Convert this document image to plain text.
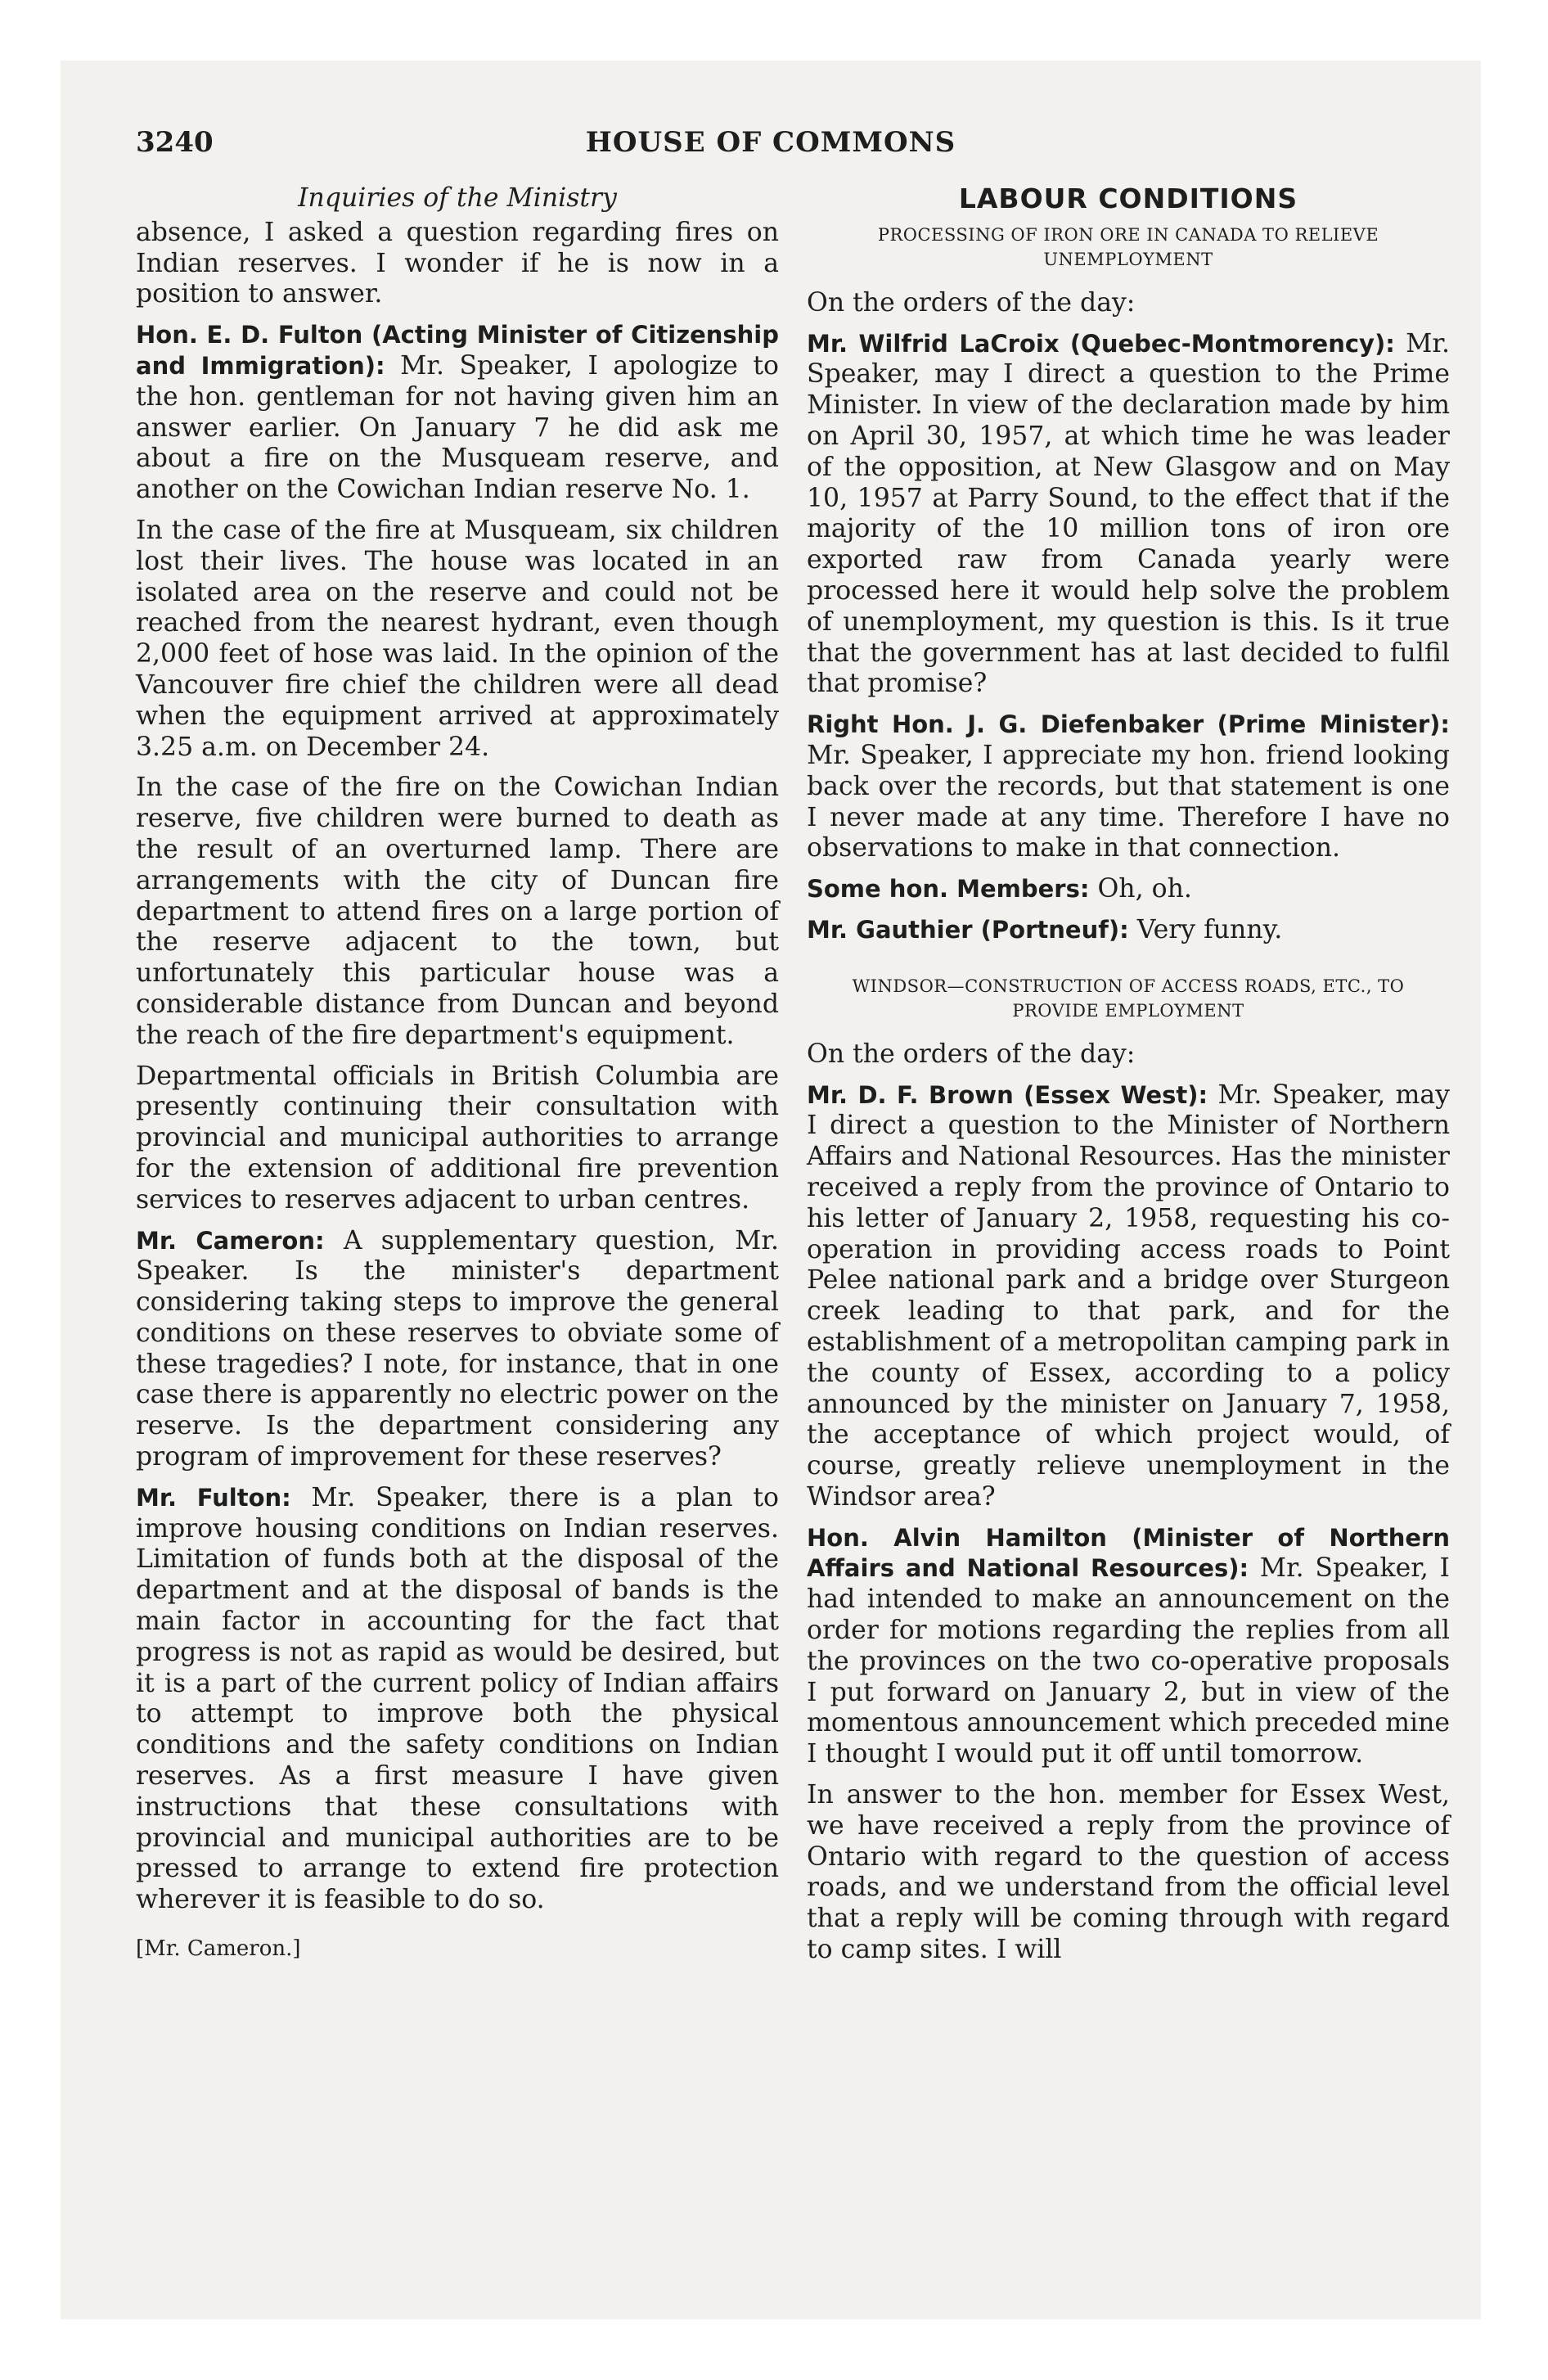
3240	HOUSE OF COMMONS
Inquiries of the Ministry

absence, I asked a question regarding fires on Indian reserves. I wonder if he is now in a position to answer.

Hon. E. D. Fulton (Acting Minister of Citizenship and Immigration): Mr. Speaker, I apologize to the hon. gentleman for not having given him an answer earlier. On January 7 he did ask me about a fire on the Musqueam reserve, and another on the Cowichan Indian reserve No. 1.

In the case of the fire at Musqueam, six children lost their lives. The house was located in an isolated area on the reserve and could not be reached from the nearest hydrant, even though 2,000 feet of hose was laid. In the opinion of the Vancouver fire chief the children were all dead when the equipment arrived at approximately 3.25 a.m. on December 24.

In the case of the fire on the Cowichan Indian reserve, five children were burned to death as the result of an overturned lamp. There are arrangements with the city of Duncan fire department to attend fires on a large portion of the reserve adjacent to the town, but unfortunately this particular house was a considerable distance from Duncan and beyond the reach of the fire department's equipment.

Departmental officials in British Columbia are presently continuing their consultation with provincial and municipal authorities to arrange for the extension of additional fire prevention services to reserves adjacent to urban centres.

Mr. Cameron: A supplementary question, Mr. Speaker. Is the minister's department considering taking steps to improve the general conditions on these reserves to obviate some of these tragedies? I note, for instance, that in one case there is apparently no electric power on the reserve. Is the department considering any program of improvement for these reserves?

Mr. Fulton: Mr. Speaker, there is a plan to improve housing conditions on Indian reserves. Limitation of funds both at the disposal of the department and at the disposal of bands is the main factor in accounting for the fact that progress is not as rapid as would be desired, but it is a part of the current policy of Indian affairs to attempt to improve both the physical conditions and the safety conditions on Indian reserves. As a first measure I have given instructions that these consultations with provincial and municipal authorities are to be pressed to arrange to extend fire protection wherever it is feasible to do so.

[Mr. Cameron.]
LABOUR CONDITIONS
PROCESSING OF IRON ORE IN CANADA TO RELIEVE UNEMPLOYMENT

On the orders of the day:

Mr. Wilfrid LaCroix (Quebec-Montmorency): Mr. Speaker, may I direct a question to the Prime Minister. In view of the declaration made by him on April 30, 1957, at which time he was leader of the opposition, at New Glasgow and on May 10, 1957 at Parry Sound, to the effect that if the majority of the 10 million tons of iron ore exported raw from Canada yearly were processed here it would help solve the problem of unemployment, my question is this. Is it true that the government has at last decided to fulfil that promise?

Right Hon. J. G. Diefenbaker (Prime Minister): Mr. Speaker, I appreciate my hon. friend looking back over the records, but that statement is one I never made at any time. Therefore I have no observations to make in that connection.

Some hon. Members: Oh, oh.

Mr. Gauthier (Portneuf): Very funny.

WINDSOR—CONSTRUCTION OF ACCESS ROADS, ETC., TO PROVIDE EMPLOYMENT

On the orders of the day:

Mr. D. F. Brown (Essex West): Mr. Speaker, may I direct a question to the Minister of Northern Affairs and National Resources. Has the minister received a reply from the province of Ontario to his letter of January 2, 1958, requesting his co-operation in providing access roads to Point Pelee national park and a bridge over Sturgeon creek leading to that park, and for the establishment of a metropolitan camping park in the county of Essex, according to a policy announced by the minister on January 7, 1958, the acceptance of which project would, of course, greatly relieve unemployment in the Windsor area?

Hon. Alvin Hamilton (Minister of Northern Affairs and National Resources): Mr. Speaker, I had intended to make an announcement on the order for motions regarding the replies from all the provinces on the two co-operative proposals I put forward on January 2, but in view of the momentous announcement which preceded mine I thought I would put it off until tomorrow.

In answer to the hon. member for Essex West, we have received a reply from the province of Ontario with regard to the question of access roads, and we understand from the official level that a reply will be coming through with regard to camp sites. I will
